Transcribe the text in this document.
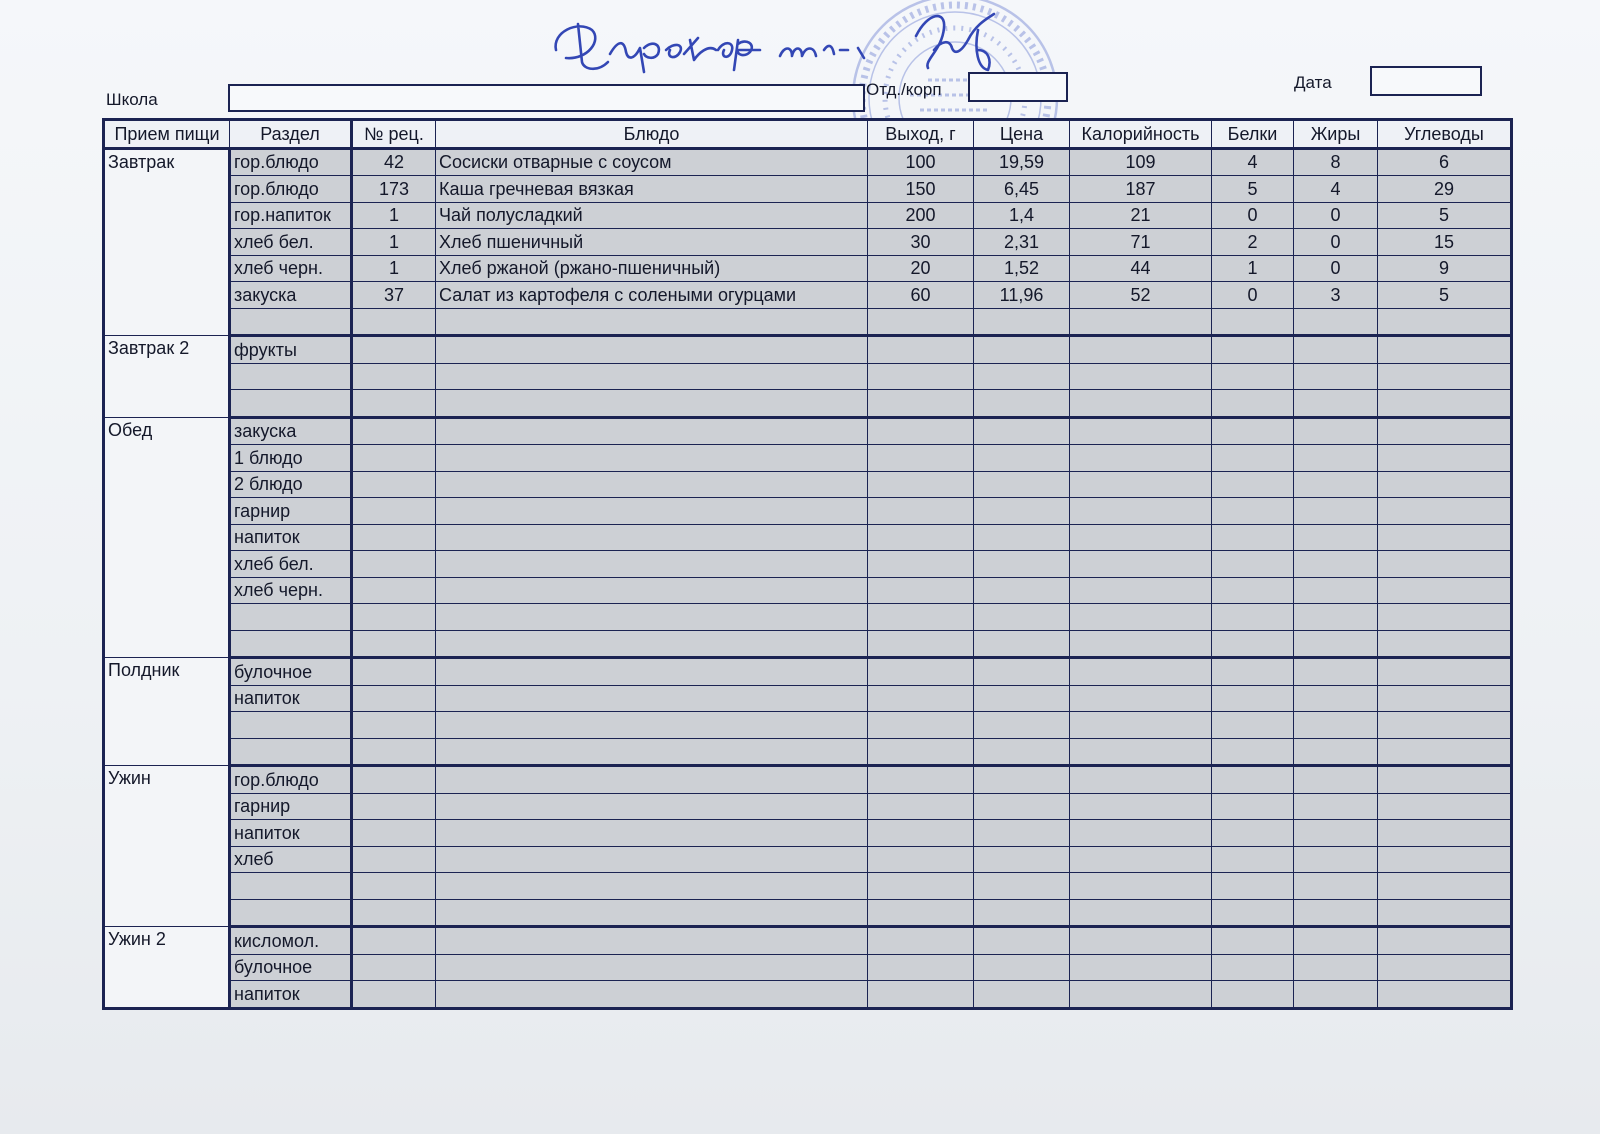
Школа
Отд./корп	Дата
Прием пищи	Раздел	№ рец.	Блюдо	Выход, г	Цена	Калорийность	Белки	Жиры	Углеводы
Завтрак	гор.блюдо	42	Сосиски отварные с соусом	100	19,59	109	4	8	6
	гор.блюдо	173	Каша гречневая вязкая	150	6,45	187	5	4	29
	гор.напиток	1	Чай полусладкий	200	1,4	21	0	0	5
	хлеб бел.	1	Хлеб пшеничный	30	2,31	71	2	0	15
	хлеб черн.	1	Хлеб ржаной (ржано-пшеничный)	20	1,52	44	1	0	9
	закуска	37	Салат из картофеля с солеными огурцами	60	11,96	52	0	3	5

Завтрак 2	фрукты								

Обед	закуска								
	1 блюдо								
	2 блюдо								
	гарнир								
	напиток								
	хлеб бел.								
	хлеб черн.								

Полдник	булочное								
	напиток								

Ужин	гор.блюдо								
	гарнир								
	напиток								
	хлеб								

Ужин 2	кисломол.								
	булочное								
	напиток								
